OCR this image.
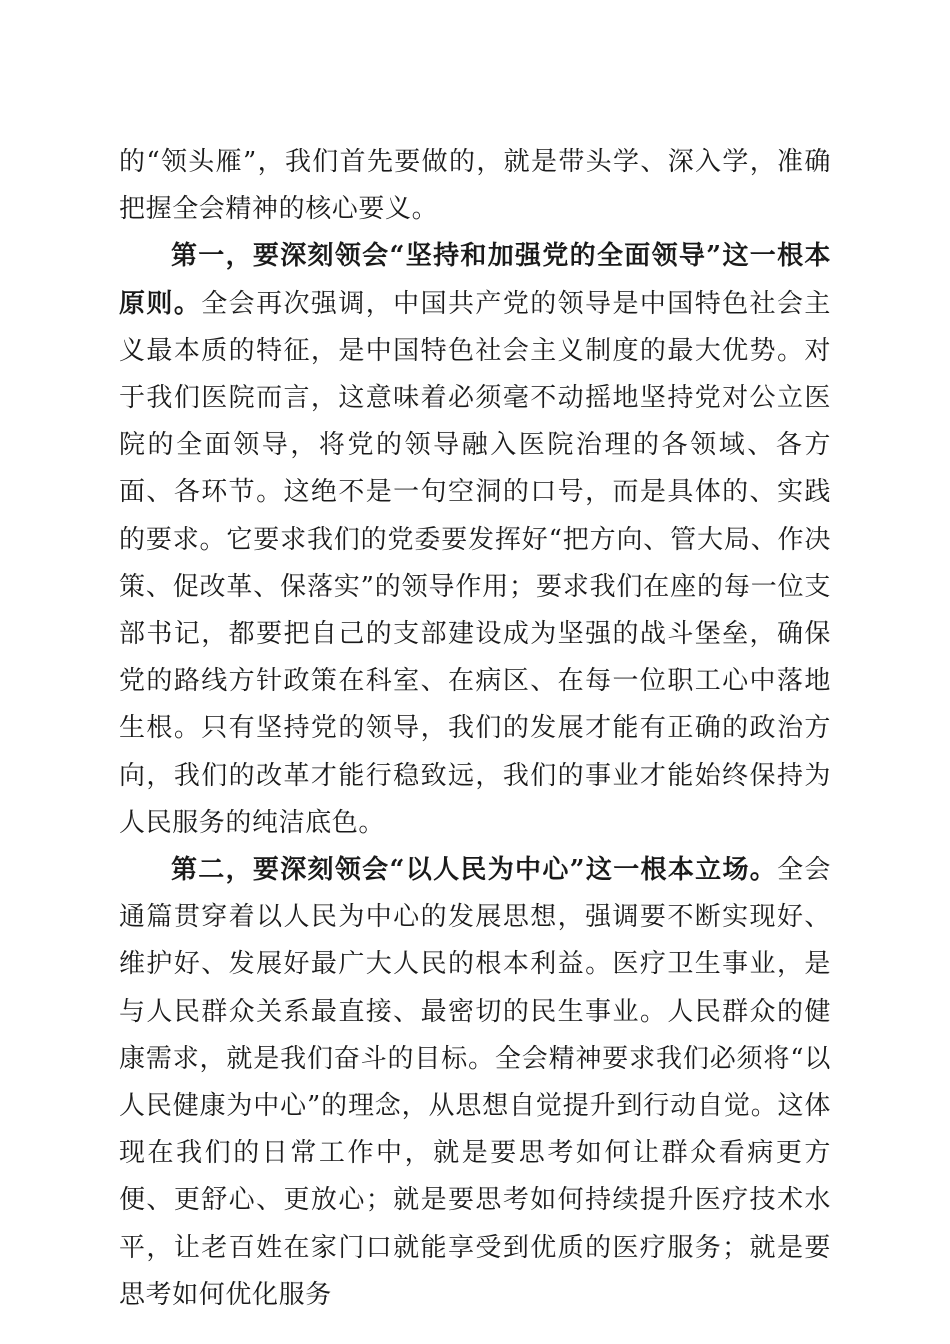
的“领头雁”，我们首先要做的，就是带头学、深入学，准确把握全会精神的核心要义。

第一，要深刻领会“坚持和加强党的全面领导”这一根本原则。全会再次强调，中国共产党的领导是中国特色社会主义最本质的特征，是中国特色社会主义制度的最大优势。对于我们医院而言，这意味着必须毫不动摇地坚持党对公立医院的全面领导，将党的领导融入医院治理的各领域、各方面、各环节。这绝不是一句空洞的口号，而是具体的、实践的要求。它要求我们的党委要发挥好“把方向、管大局、作决策、促改革、保落实”的领导作用；要求我们在座的每一位支部书记，都要把自己的支部建设成为坚强的战斗堡垒，确保党的路线方针政策在科室、在病区、在每一位职工心中落地生根。只有坚持党的领导，我们的发展才能有正确的政治方向，我们的改革才能行稳致远，我们的事业才能始终保持为人民服务的纯洁底色。

第二，要深刻领会“以人民为中心”这一根本立场。全会通篇贯穿着以人民为中心的发展思想，强调要不断实现好、维护好、发展好最广大人民的根本利益。医疗卫生事业，是与人民群众关系最直接、最密切的民生事业。人民群众的健康需求，就是我们奋斗的目标。全会精神要求我们必须将“以人民健康为中心”的理念，从思想自觉提升到行动自觉。这体现在我们的日常工作中，就是要思考如何让群众看病更方便、更舒心、更放心；就是要思考如何持续提升医疗技术水平，让老百姓在家门口就能享受到优质的医疗服务；就是要思考如何优化服务
